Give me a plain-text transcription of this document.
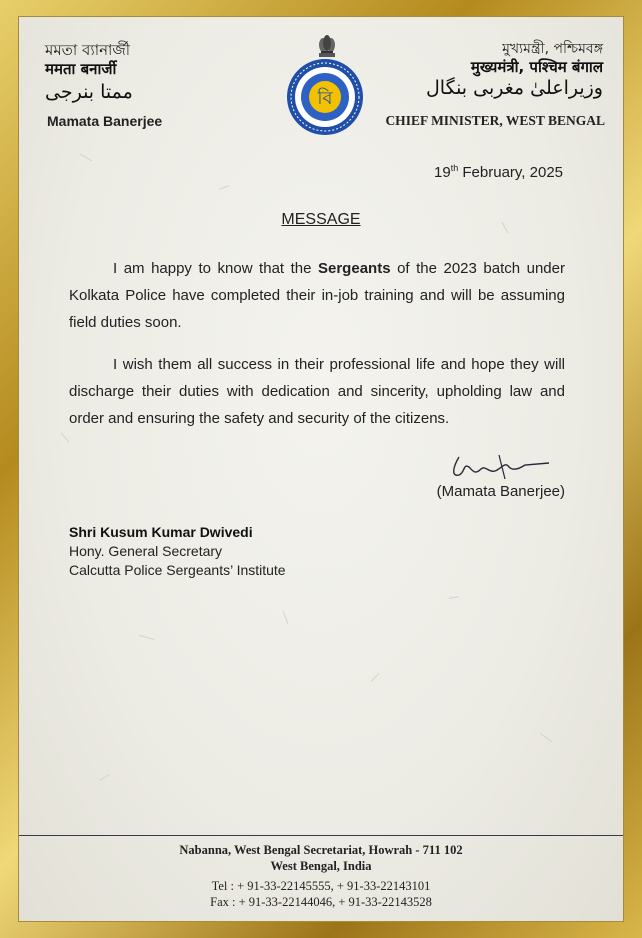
মমতা ব্যানার্জী
ममता बनार्जी
ممتا بنرجی
Mamata Banerjee
বি
মুখ্যমন্ত্রী, পশ্চিমবঙ্গ
मुख्यमंत्री, पश्चिम बंगाल
وزیراعلیٰ مغربی بنگال
CHIEF MINISTER, WEST BENGAL
19th February, 2025
MESSAGE
I am happy to know that the Sergeants of the 2023 batch under Kolkata Police have completed their in-job training and will be assuming field duties soon.
I wish them all success in their professional life and hope they will discharge their duties with dedication and sincerity, upholding law and order and ensuring the safety and security of the citizens.
(Mamata Banerjee)
Shri Kusum Kumar Dwivedi
Hony. General Secretary
Calcutta Police Sergeants’ Institute
Nabanna, West Bengal Secretariat, Howrah - 711 102
West Bengal, India
Tel : + 91-33-22145555, + 91-33-22143101
Fax : + 91-33-22144046, + 91-33-22143528
